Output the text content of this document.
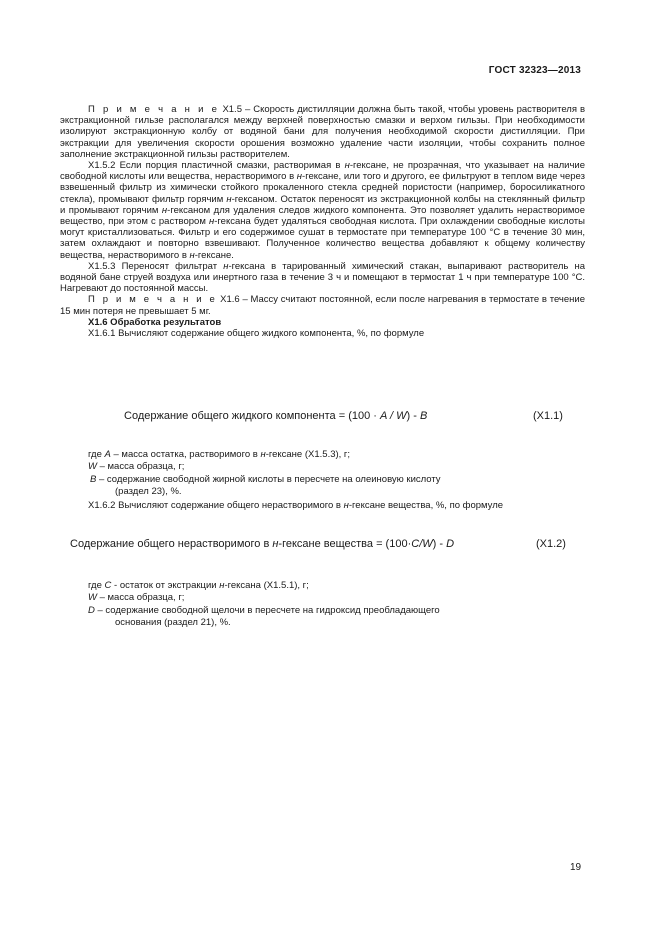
ГОСТ 32323—2013

П р и м е ч а н и е Х1.5 – Скорость дистилляции должна быть такой, чтобы уровень растворителя в экстракционной гильзе располагался между верхней поверхностью смазки и верхом гильзы. При необходимости изолируют экстракционную колбу от водяной бани для получения необходимой скорости дистилляции. При экстракции для увеличения скорости орошения возможно удаление части изоляции, чтобы сохранить полное заполнение экстракционной гильзы растворителем.

Х1.5.2 Если порция пластичной смазки, растворимая в н-гексане, не прозрачная, что указывает на наличие свободной кислоты или вещества, нерастворимого в н-гексане, или того и другого, ее фильтруют в теплом виде через взвешенный фильтр из химически стойкого прокаленного стекла средней пористости (например, боросиликатного стекла), промывают фильтр горячим н-гексаном. Остаток переносят из экстракционной колбы на стеклянный фильтр и промывают горячим н-гексаном для удаления следов жидкого компонента. Это позволяет удалить нерастворимое вещество, при этом с раствором н-гексана будет удаляться свободная кислота. При охлаждении свободные кислоты могут кристаллизоваться. Фильтр и его содержимое сушат в термостате при температуре 100 °С в течение 30 мин, затем охлаждают и повторно взвешивают. Полученное количество вещества добавляют к общему количеству вещества, нерастворимого в н-гексане.

Х1.5.3 Переносят фильтрат н-гексана в тарированный химический стакан, выпаривают растворитель на водяной бане струей воздуха или инертного газа в течение 3 ч и помещают в термостат 1 ч при температуре 100 °С. Нагревают до постоянной массы.

П р и м е ч а н и е Х1.6 – Массу считают постоянной, если после нагревания в термостате в течение 15 мин потеря не превышает 5 мг.

Х1.6 Обработка результатов

Х1.6.1 Вычисляют содержание общего жидкого компонента, %, по формуле

Содержание общего жидкого компонента = (100 · A / W) - B	(Х1.1)
где A – масса остатка, растворимого в н-гексане (Х1.5.3), г;
W – масса образца, г;
В – содержание свободной жирной кислоты в пересчете на олеиновую кислоту
(раздел 23), %.

Х1.6.2 Вычисляют содержание общего нерастворимого в н-гексане вещества, %, по формуле

Содержание общего нерастворимого в н-гексане вещества = (100·C/W) - D	(Х1.2)
где C - остаток от экстракции н-гексана (Х1.5.1), г;
W – масса образца, г;
D – содержание свободной щелочи в пересчете на гидроксид преобладающего
основания (раздел 21), %.
19
